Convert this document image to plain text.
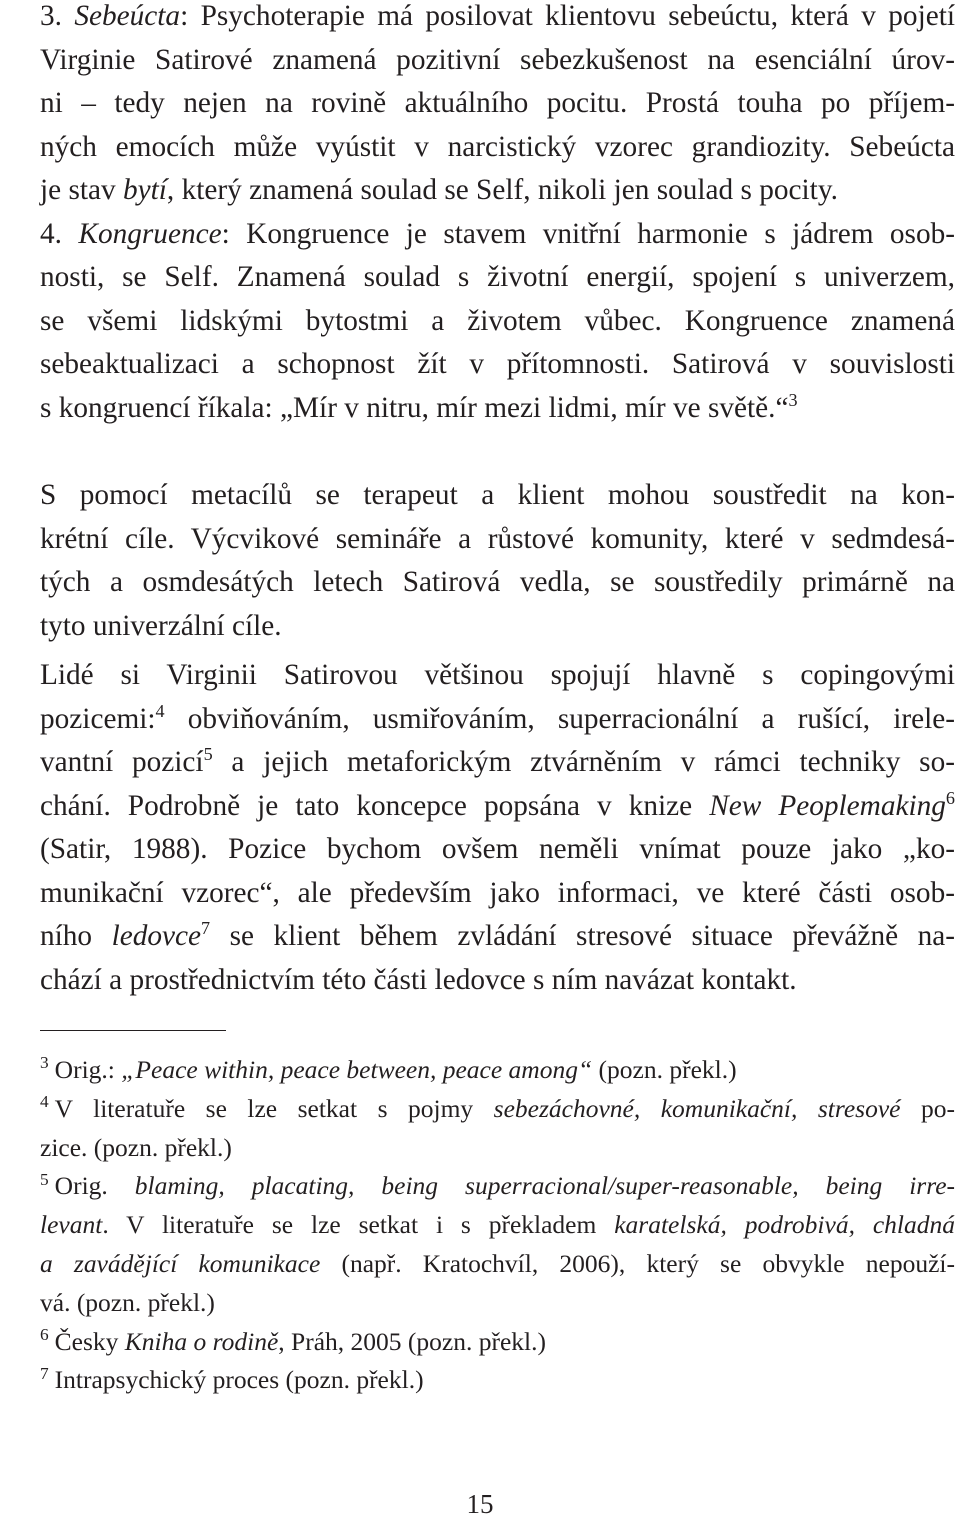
3. Sebeúcta: Psychoterapie má posilovat klientovu sebeúctu, která v pojetí
Virginie Satirové znamená pozitivní sebezkušenost na esenciální úrov-
ni – tedy nejen na rovině aktuálního pocitu. Prostá touha po příjem-
ných emocích může vyústit v narcistický vzorec grandiozity. Sebeúcta
je stav bytí, který znamená soulad se Self, nikoli jen soulad s pocity.
4. Kongruence: Kongruence je stavem vnitřní harmonie s jádrem osob-
nosti, se Self. Znamená soulad s životní energií, spojení s univerzem,
se všemi lidskými bytostmi a životem vůbec. Kongruence znamená
sebeaktualizaci a schopnost žít v přítomnosti. Satirová v souvislosti
s kongruencí říkala: „Mír v nitru, mír mezi lidmi, mír ve světě.“$^3$
S pomocí metacílů se terapeut a klient mohou soustředit na kon-
krétní cíle. Výcvikové semináře a růstové komunity, které v sedmdesá-
tých a osmdesátých letech Satirová vedla, se soustředily primárně na
tyto univerzální cíle.
Lidé si Virginii Satirovou většinou spojují hlavně s copingovými
pozicemi:$^4$ obviňováním, usmiřováním, superracionální a rušící, irele-
vantní pozicí$^5$ a jejich metaforickým ztvárněním v rámci techniky so-
chání. Podrobně je tato koncepce popsána v knize New Peoplemaking$^6$
(Satir, 1988). Pozice bychom ovšem neměli vnímat pouze jako „ko-
munikační vzorec“, ale především jako informaci, ve které části osob-
ního ledovce$^7$ se klient během zvládání stresové situace převážně na-
chází a prostřednictvím této části ledovce s ním navázat kontakt.
$^3$ Orig.: „Peace within, peace between, peace among“ (pozn. překl.)
$^4$ V literatuře se lze setkat s pojmy sebezáchovné, komunikační, stresové po-
zice. (pozn. překl.)
$^5$ Orig. blaming, placating, being superracional/super-reasonable, being irre-
levant. V literatuře se lze setkat i s překladem karatelská, podrobivá, chladná
a zavádějící komunikace (např. Kratochvíl, 2006), který se obvykle nepouží-
vá. (pozn. překl.)
$^6$ Česky Kniha o rodině, Práh, 2005 (pozn. překl.)
$^7$ Intrapsychický proces (pozn. překl.)
15
